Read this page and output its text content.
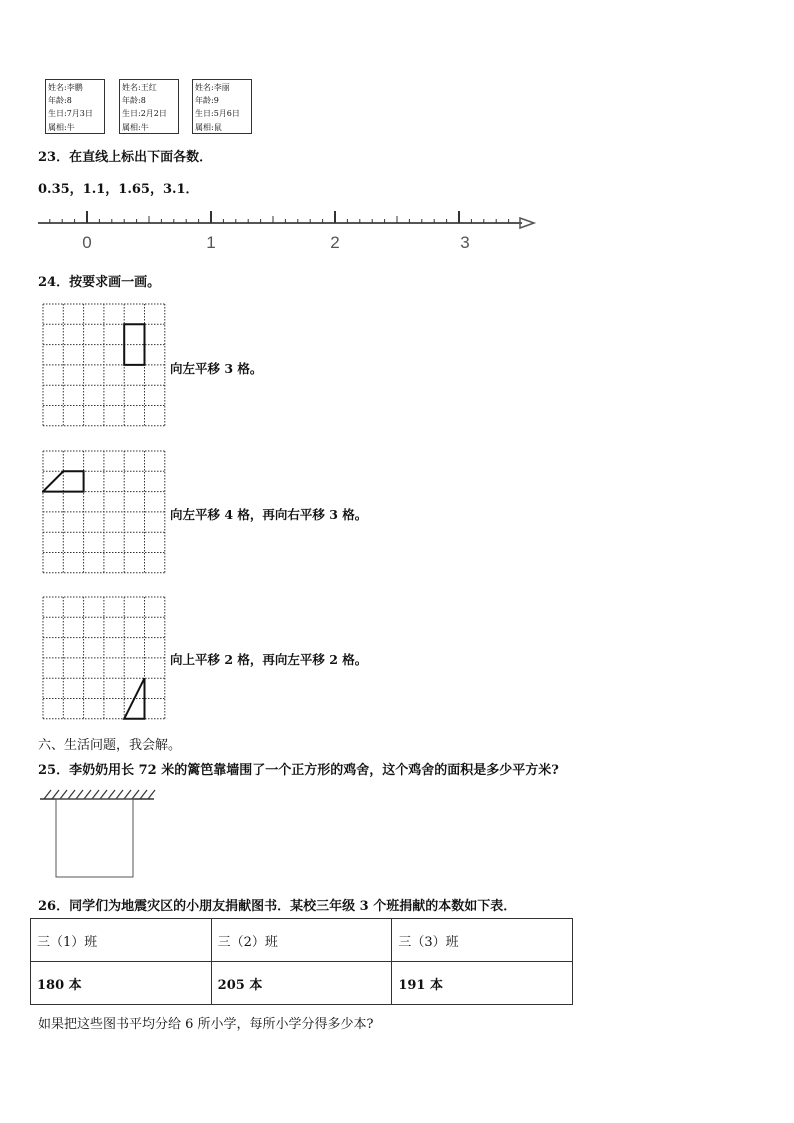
姓名:李鹏
年龄:8
生日:7月3日
属相:牛
姓名:王红
年龄:8
生日:2月2日
属相:牛
姓名:李丽
年龄:9
生日:5月6日
属相:鼠
23．在直线上标出下面各数．
0.35，1.1，1.65，3.1．
0	1	2	3
24．按要求画一画。
向左平移 3 格。
向左平移 4 格，再向右平移 3 格。
向上平移 2 格，再向左平移 2 格。
六、生活问题，我会解。
25．李奶奶用长 72 米的篱笆靠墙围了一个正方形的鸡舍，这个鸡舍的面积是多少平方米?
26．同学们为地震灾区的小朋友捐献图书．某校三年级 3 个班捐献的本数如下表．
三（1）班	三（2）班	三（3）班
180 本	205 本	191 本
如果把这些图书平均分给 6 所小学，每所小学分得多少本?
